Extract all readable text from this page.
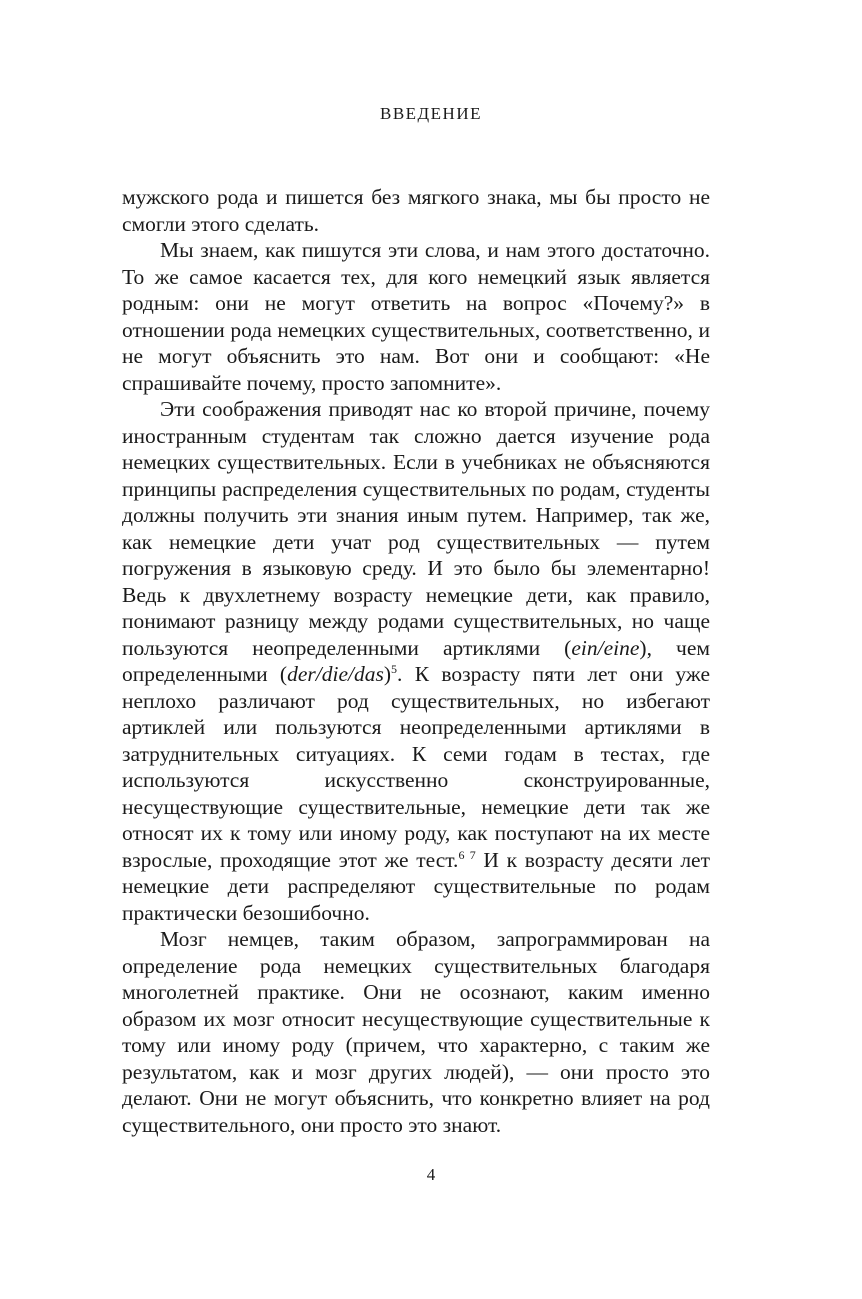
ВВЕДЕНИЕ

мужского рода и пишется без мягкого знака, мы бы просто не смогли этого сделать.

Мы знаем, как пишутся эти слова, и нам этого достаточно. То же самое касается тех, для кого немецкий язык является родным: они не могут ответить на вопрос «Почему?» в отношении рода немецких существительных, соответственно, и не могут объяснить это нам. Вот они и сообщают: «Не спрашивайте почему, просто запомните».

Эти соображения приводят нас ко второй причине, почему иностранным студентам так сложно дается изучение рода немецких существительных. Если в учебниках не объясняются принципы распределения существительных по родам, студенты должны получить эти знания иным путем. Например, так же, как немецкие дети учат род существительных — путем погружения в языковую среду. И это было бы элементарно! Ведь к двухлетнему возрасту немецкие дети, как правило, понимают разницу между родами существительных, но чаще пользуются неопределенными артиклями (ein/eine), чем определенными $(der/die/das)^5$. К возрасту пяти лет они уже неплохо различают род существительных, но избегают артиклей или пользуются неопределенными артиклями в затруднительных ситуациях. К семи годам в тестах, где используются искусственно сконструированные, несуществующие существительные, немецкие дети так же относят их к тому или иному роду, как поступают на их месте взрослые, проходящие этот же тест.$^{6 7}$ И к возрасту десяти лет немецкие дети распределяют существительные по родам практически безошибочно.

Мозг немцев, таким образом, запрограммирован на определение рода немецких существительных благодаря многолетней практике. Они не осознают, каким именно образом их мозг относит несуществующие существительные к тому или иному роду (причем, что характерно, с таким же результатом, как и мозг других людей), — они просто это делают. Они не могут объяснить, что конкретно влияет на род существительного, они просто это знают.

4
